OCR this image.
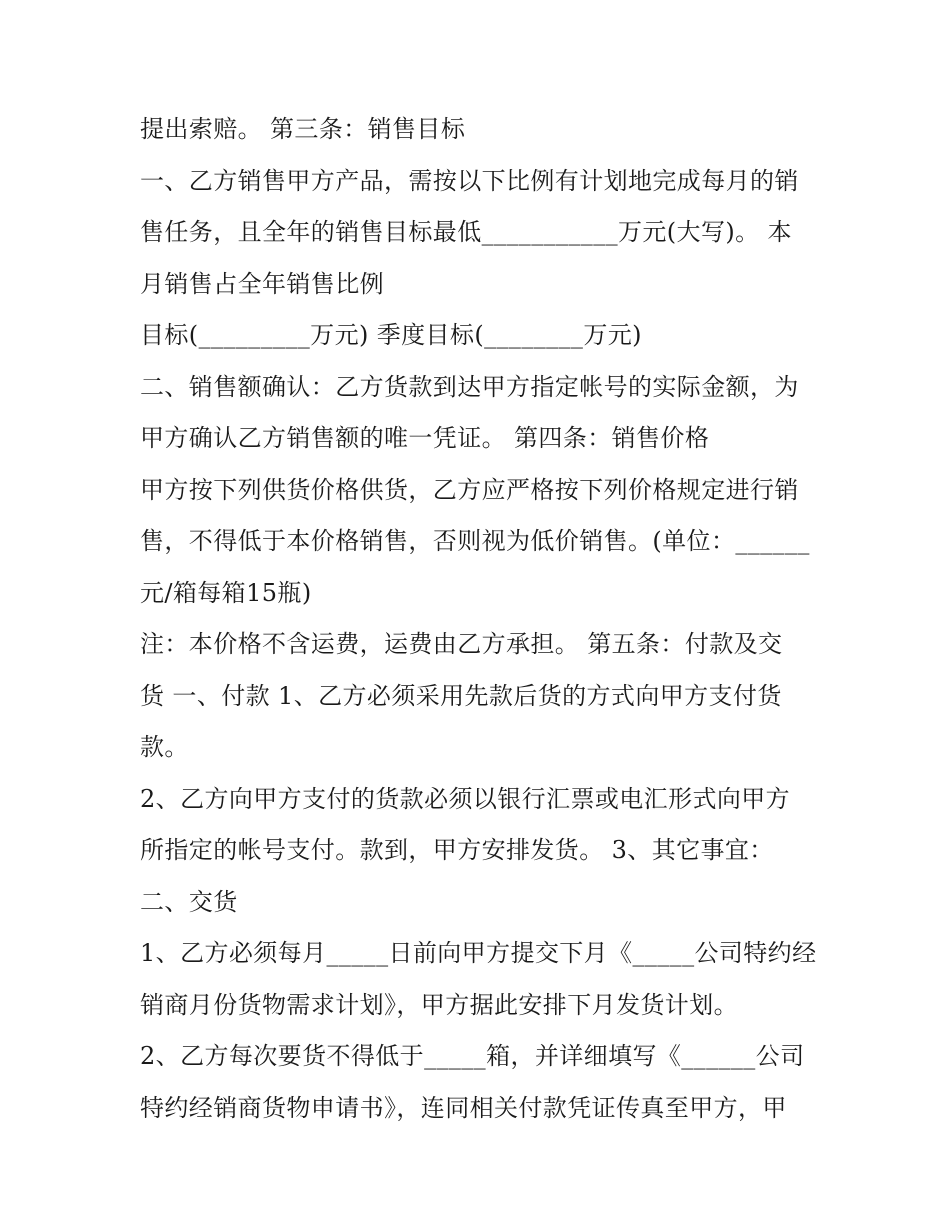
提出索赔。 第三条：销售目标
一、乙方销售甲方产品，需按以下比例有计划地完成每月的销
售任务，且全年的销售目标最低___________万元(大写)。 本
月销售占全年销售比例
目标(_________万元) 季度目标(________万元)
二、销售额确认：乙方货款到达甲方指定帐号的实际金额，为
甲方确认乙方销售额的唯一凭证。 第四条：销售价格
甲方按下列供货价格供货，乙方应严格按下列价格规定进行销
售，不得低于本价格销售，否则视为低价销售。(单位：______
元/箱每箱15瓶)
注：本价格不含运费，运费由乙方承担。 第五条：付款及交
货 一、付款 1、乙方必须采用先款后货的方式向甲方支付货
款。
2、乙方向甲方支付的货款必须以银行汇票或电汇形式向甲方
所指定的帐号支付。款到，甲方安排发货。 3、其它事宜：
二、交货
1、乙方必须每月_____日前向甲方提交下月《_____公司特约经
销商月份货物需求计划》，甲方据此安排下月发货计划。
2、乙方每次要货不得低于_____箱，并详细填写《______公司
特约经销商货物申请书》，连同相关付款凭证传真至甲方，甲
